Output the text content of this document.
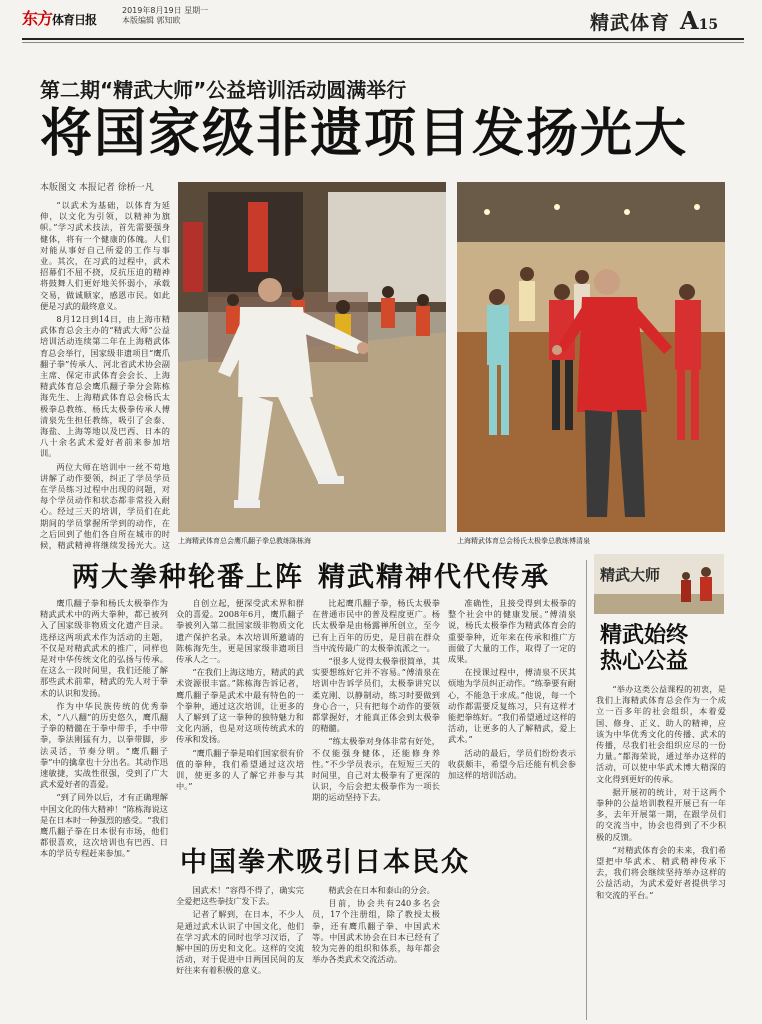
东方体育日报
2019年8月19日 星期一
本版编辑 郭知欧	精武体育 A15
第二期“精武大师”公益培训活动圆满举行
将国家级非遗项目发扬光大
本版图文 本报记者 徐桥一凡

“以武术为基础，以体育为延伸，以文化为引领，以精神为旗帜。”学习武术技法，首先需要强身健体，将有一个健康的体魄。人们对能从事好自己所爱的工作与事业。其次，在习武的过程中，武术招幕们不屈不挠，反抗压迫的精神将鼓舞人们更好地关怀弱小，承载交易，做诚顺家，感恩市民。如此便是习武的最终意义。

8月12日到14日，由上海市精武体育总会主办的“精武大师”公益培训活动连续第二年在上海精武体育总会举行，国家级非遗项目“鹰爪翻子拳”传承人、河北省武术协会副主席、保定市武体育会会长、上海精武体育总会鹰爪翻子拳分会陈栋海先生、上海精武体育总会杨氏太极拳总教练、杨氏太极拳传承人傅清泉先生担任教练，吸引了会泰、海盐、上海等地以及巴西、日本的八十余名武术爱好者前来参加培训。

两位大师在培训中一丝不苟地讲解了动作要领，纠正了学员学员在学员练习过程中出现的问题，对每个学员动作和状态都非常投入耐心。经过三天的培训，学员们在此期间的学员掌握所学到的动作，在之后回到了他们各自所在城市的时候，精武精神将继续发扬光大。这 上海精武体育总会鹰爪翻子拳总教练陈栋海	上海精武体育总会杨氏太极拳总教练傅清泉
两大拳种轮番上阵 精武精神代代传承

鹰爪翻子拳和杨氏太极拳作为精武武术中的两大拳种，都已被列入了国家级非物质文化遗产目录。选择这两项武术作为活动的主题，不仅是对精武武术的推广，同样也是对中华传统文化的弘扬与传承。在这么一段时间里，我们还能了解那些武术前辈，精武的先人对于拳术的认识和发扬。

作为中华民族传统的优秀拳术，“八八翻”的历史悠久，鹰爪翻子拳的精髓在于拳中带手，手中带拳，拳法刚猛有力，以拳带脚，步法灵活，节奏分明。“鹰爪翻子拳”中的擒拿也十分出名。其动作迅速敏捷，实战性很强，受到了广大武术爱好者的喜爱。

“到了同外以后，才有正确理解中国文化的伟大精神！”陈栋海说这是在日本时一种强烈的感受。“我们鹰爪翻子拳在日本很有市场，他们都很喜欢，这次培训也有巴西、日本的学员专程赶来参加。”

自创立起，便深受武术界和群众的喜爱。2008年6月，鹰爪翻子拳被列入第二批国家级非物质文化遗产保护名录。本次培训所邀请的陈栋海先生，更是国家级非遗项目传承人之一。

“在我们上海这地方，精武的武术资源很丰富。”陈栋海告诉记者，鹰爪翻子拳是武术中最有特色的一个拳种，通过这次培训，让更多的人了解到了这一拳种的独特魅力和文化内涵，也是对这项传统武术的传承和发扬。

“鹰爪翻子拳是咱们国家很有价值的拳种，我们希望通过这次培训，使更多的人了解它并参与其中。”

比起鹰爪翻子拳，杨氏太极拳在普通市民中的普及程度更广。杨氏太极拳是由杨露禅所创立，至今已有上百年的历史，是目前在群众当中流传最广的太极拳流派之一。

“很多人觉得太极拳很简单，其实要想练好它并不容易。”傅清泉在培训中告诉学员们，太极拳讲究以柔克刚、以静制动，练习时要做到身心合一，只有把每个动作的要领都掌握好，才能真正体会到太极拳的精髓。

“练太极拳对身体非常有好处，不仅能强身健体，还能修身养性。”不少学员表示，在短短三天的时间里，自己对太极拳有了更深的认识，今后会把太极拳作为一项长期的运动坚持下去。

准确性，且接受得到太极拳的整个社会中的健康发展。”傅清泉说，杨氏太极拳作为精武体育会的重要拳种，近年来在传承和推广方面做了大量的工作，取得了一定的成果。

在授课过程中，傅清泉不厌其烦地为学员纠正动作。“练拳要有耐心，不能急于求成。”他说，每一个动作都需要反复练习，只有这样才能把拳练好。“我们希望通过这样的活动，让更多的人了解精武，爱上武术。”

活动的最后，学员们纷纷表示收获颇丰，希望今后还能有机会参加这样的培训活动。

中国拳术吸引日本民众

国武术！”容得不得了，确实完全爱把这些拳技广发下去。

记者了解到，在日本，不少人是通过武术认识了中国文化，他们在学习武术的同时也学习汉语，了解中国的历史和文化。这样的交流活动，对于促进中日两国民间的友好往来有着积极的意义。

精武会在日本和泰山的分会。

目前，协会共有240多名会员，17个注册组，除了教授太极拳，还有鹰爪翻子拳、中国武术等。中国武术协会在日本已经有了较为完善的组织和体系，每年都会举办各类武术交流活动。

精武大师
精武始终
热心公益

“举办这类公益课程的初衷，是我们上海精武体育总会作为一个成立一百多年的社会组织，本着爱国、修身、正义、助人的精神，应该为中华优秀文化的传播、武术的传播，尽我们社会组织应尽的一份力量。”都海荣说，通过举办这样的活动，可以使中华武术博大精深的文化得到更好的传承。

据开展初的统计，对于这两个拳种的公益培训教程开展已有一年多，去年开展第一期，在跟学员们的交流当中，协会也得到了不少积极的反馈。

“对精武体育会的未来，我们希望把中华武术、精武精神传承下去，我们将会继续坚持举办这样的公益活动，为武术爱好者提供学习和交流的平台。”
